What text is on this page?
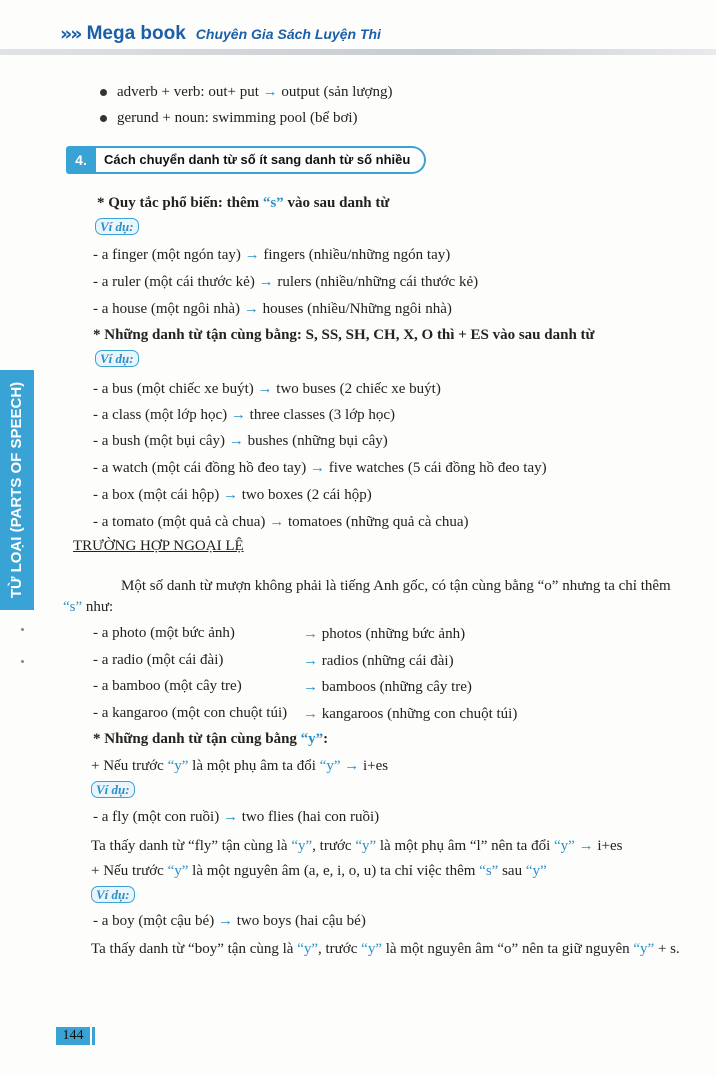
»» Mega book Chuyên Gia Sách Luyện Thi
TỪ LOẠI (PARTS OF SPEECH)
adverb + verb: out+ put → output (sản lượng)
gerund + noun: swimming pool (bể bơi)
4.	Cách chuyển danh từ số ít sang danh từ số nhiều
* Quy tắc phổ biến: thêm “s” vào sau danh từ
Ví dụ:
- a finger (một ngón tay) → fingers (nhiều/những ngón tay)
- a ruler (một cái thước kẻ) → rulers (nhiều/những cái thước kẻ)
- a house (một ngôi nhà) → houses (nhiều/Những ngôi nhà)
* Những danh từ tận cùng bằng: S, SS, SH, CH, X, O thì + ES vào sau danh từ
Ví dụ:
- a bus (một chiếc xe buýt) → two buses (2 chiếc xe buýt)
- a class (một lớp học) → three classes (3 lớp học)
- a bush (một bụi cây) → bushes (những bụi cây)
- a watch (một cái đồng hồ đeo tay) → five watches (5 cái đồng hồ đeo tay)
- a box (một cái hộp) → two boxes (2 cái hộp)
- a tomato (một quả cà chua) → tomatoes (những quả cà chua)
TRƯỜNG HỢP NGOẠI LỆ
Một số danh từ mượn không phải là tiếng Anh gốc, có tận cùng bằng “o” nhưng ta chỉ thêm
“s” như:
- a photo (một bức ảnh)	→ photos (những bức ảnh)
- a radio (một cái đài)	→ radios (những cái đài)
- a bamboo (một cây tre)	→ bamboos (những cây tre)
- a kangaroo (một con chuột túi) → kangaroos (những con chuột túi)
* Những danh từ tận cùng bằng “y”:
+ Nếu trước “y” là một phụ âm ta đổi “y” → i+es
Ví dụ:
- a fly (một con ruồi) → two flies (hai con ruồi)
Ta thấy danh từ “fly” tận cùng là “y”, trước “y” là một phụ âm “l” nên ta đổi “y” → i+es
+ Nếu trước “y” là một nguyên âm (a, e, i, o, u) ta chỉ việc thêm “s” sau “y”
Ví dụ:
- a boy (một cậu bé) → two boys (hai cậu bé)
Ta thấy danh từ “boy” tận cùng là “y”, trước “y” là một nguyên âm “o” nên ta giữ nguyên “y” + s.
144
